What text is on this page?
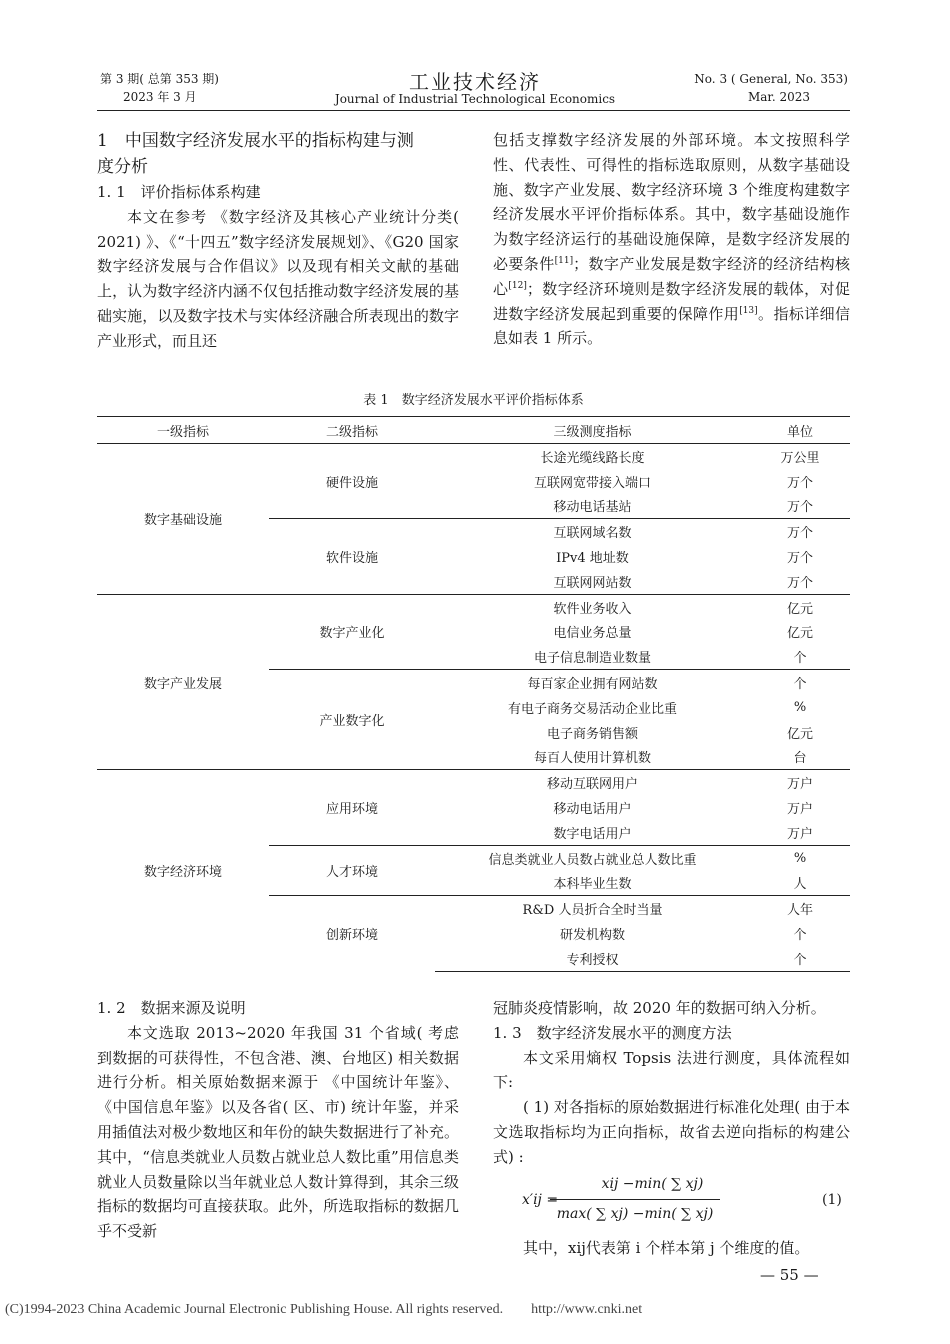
第 3 期( 总第 353 期)
2023 年 3 月
工业技术经济
Journal of Industrial Technological Economics
No. 3 ( General, No. 353)
Mar. 2023

1　中国数字经济发展水平的指标构建与测

度分析

1. 1　评价指标体系构建

本文在参考 《数字经济及其核心产业统计分类( 2021) 》、《“十四五”数字经济发展规划》、《G20 国家数字经济发展与合作倡议》以及现有相关文献的基础上，认为数字经济内涵不仅包括推动数字经济发展的基础实施，以及数字技术与实体经济融合所表现出的数字产业形式，而且还

包括支撑数字经济发展的外部环境。本文按照科学性、代表性、可得性的指标选取原则，从数字基础设施、数字产业发展、数字经济环境 3 个维度构建数字经济发展水平评价指标体系。其中，数字基础设施作为数字经济运行的基础设施保障，是数字经济发展的必要条件[11]；数字产业发展是数字经济的经济结构核心[12]；数字经济环境则是数字经济发展的载体，对促进数字经济发展起到重要的保障作用[13]。指标详细信息如表 1 所示。

表 1　数字经济发展水平评价指标体系
一级指标	二级指标	三级测度指标	单位
数字基础设施	硬件设施	长途光缆线路长度	万公里
		互联网宽带接入端口	万个
		移动电话基站	万个
	软件设施	互联网域名数	万个
		IPv4 地址数	万个
		互联网网站数	万个
数字产业发展	数字产业化	软件业务收入	亿元
		电信业务总量	亿元
		电子信息制造业数量	个
	产业数字化	每百家企业拥有网站数	个
		有电子商务交易活动企业比重	%
		电子商务销售额	亿元
		每百人使用计算机数	台
数字经济环境	应用环境	移动互联网用户	万户
		移动电话用户	万户
		数字电话用户	万户
	人才环境	信息类就业人员数占就业总人数比重	%
		本科毕业生数	人
	创新环境	R&D 人员折合全时当量	人年
		研发机构数	个
		专利授权	个

1. 2　数据来源及说明

本文选取 2013~2020 年我国 31 个省域( 考虑到数据的可获得性，不包含港、澳、台地区) 相关数据进行分析。相关原始数据来源于 《中国统计年鉴》、《中国信息年鉴》以及各省( 区、市) 统计年鉴，并采用插值法对极少数地区和年份的缺失数据进行了补充。其中，“信息类就业人员数占就业总人数比重”用信息类就业人员数量除以当年就业总人数计算得到，其余三级指标的数据均可直接获取。此外，所选取指标的数据几乎不受新

冠肺炎疫情影响，故 2020 年的数据可纳入分析。

1. 3　数字经济发展水平的测度方法

本文采用熵权 Topsis 法进行测度，具体流程如下:

( 1) 对各指标的原始数据进行标准化处理( 由于本文选取指标均为正向指标，故省去逆向指标的构建公式) :

x′ij =
xij −min( ∑ xj)
max( ∑ xj) −min( ∑ xj)
(1)

其中，xij代表第 i 个样本第 j 个维度的值。

— 55 —
(C)1994-2023 China Academic Journal Electronic Publishing House. All rights reserved.　　http://www.cnki.net
